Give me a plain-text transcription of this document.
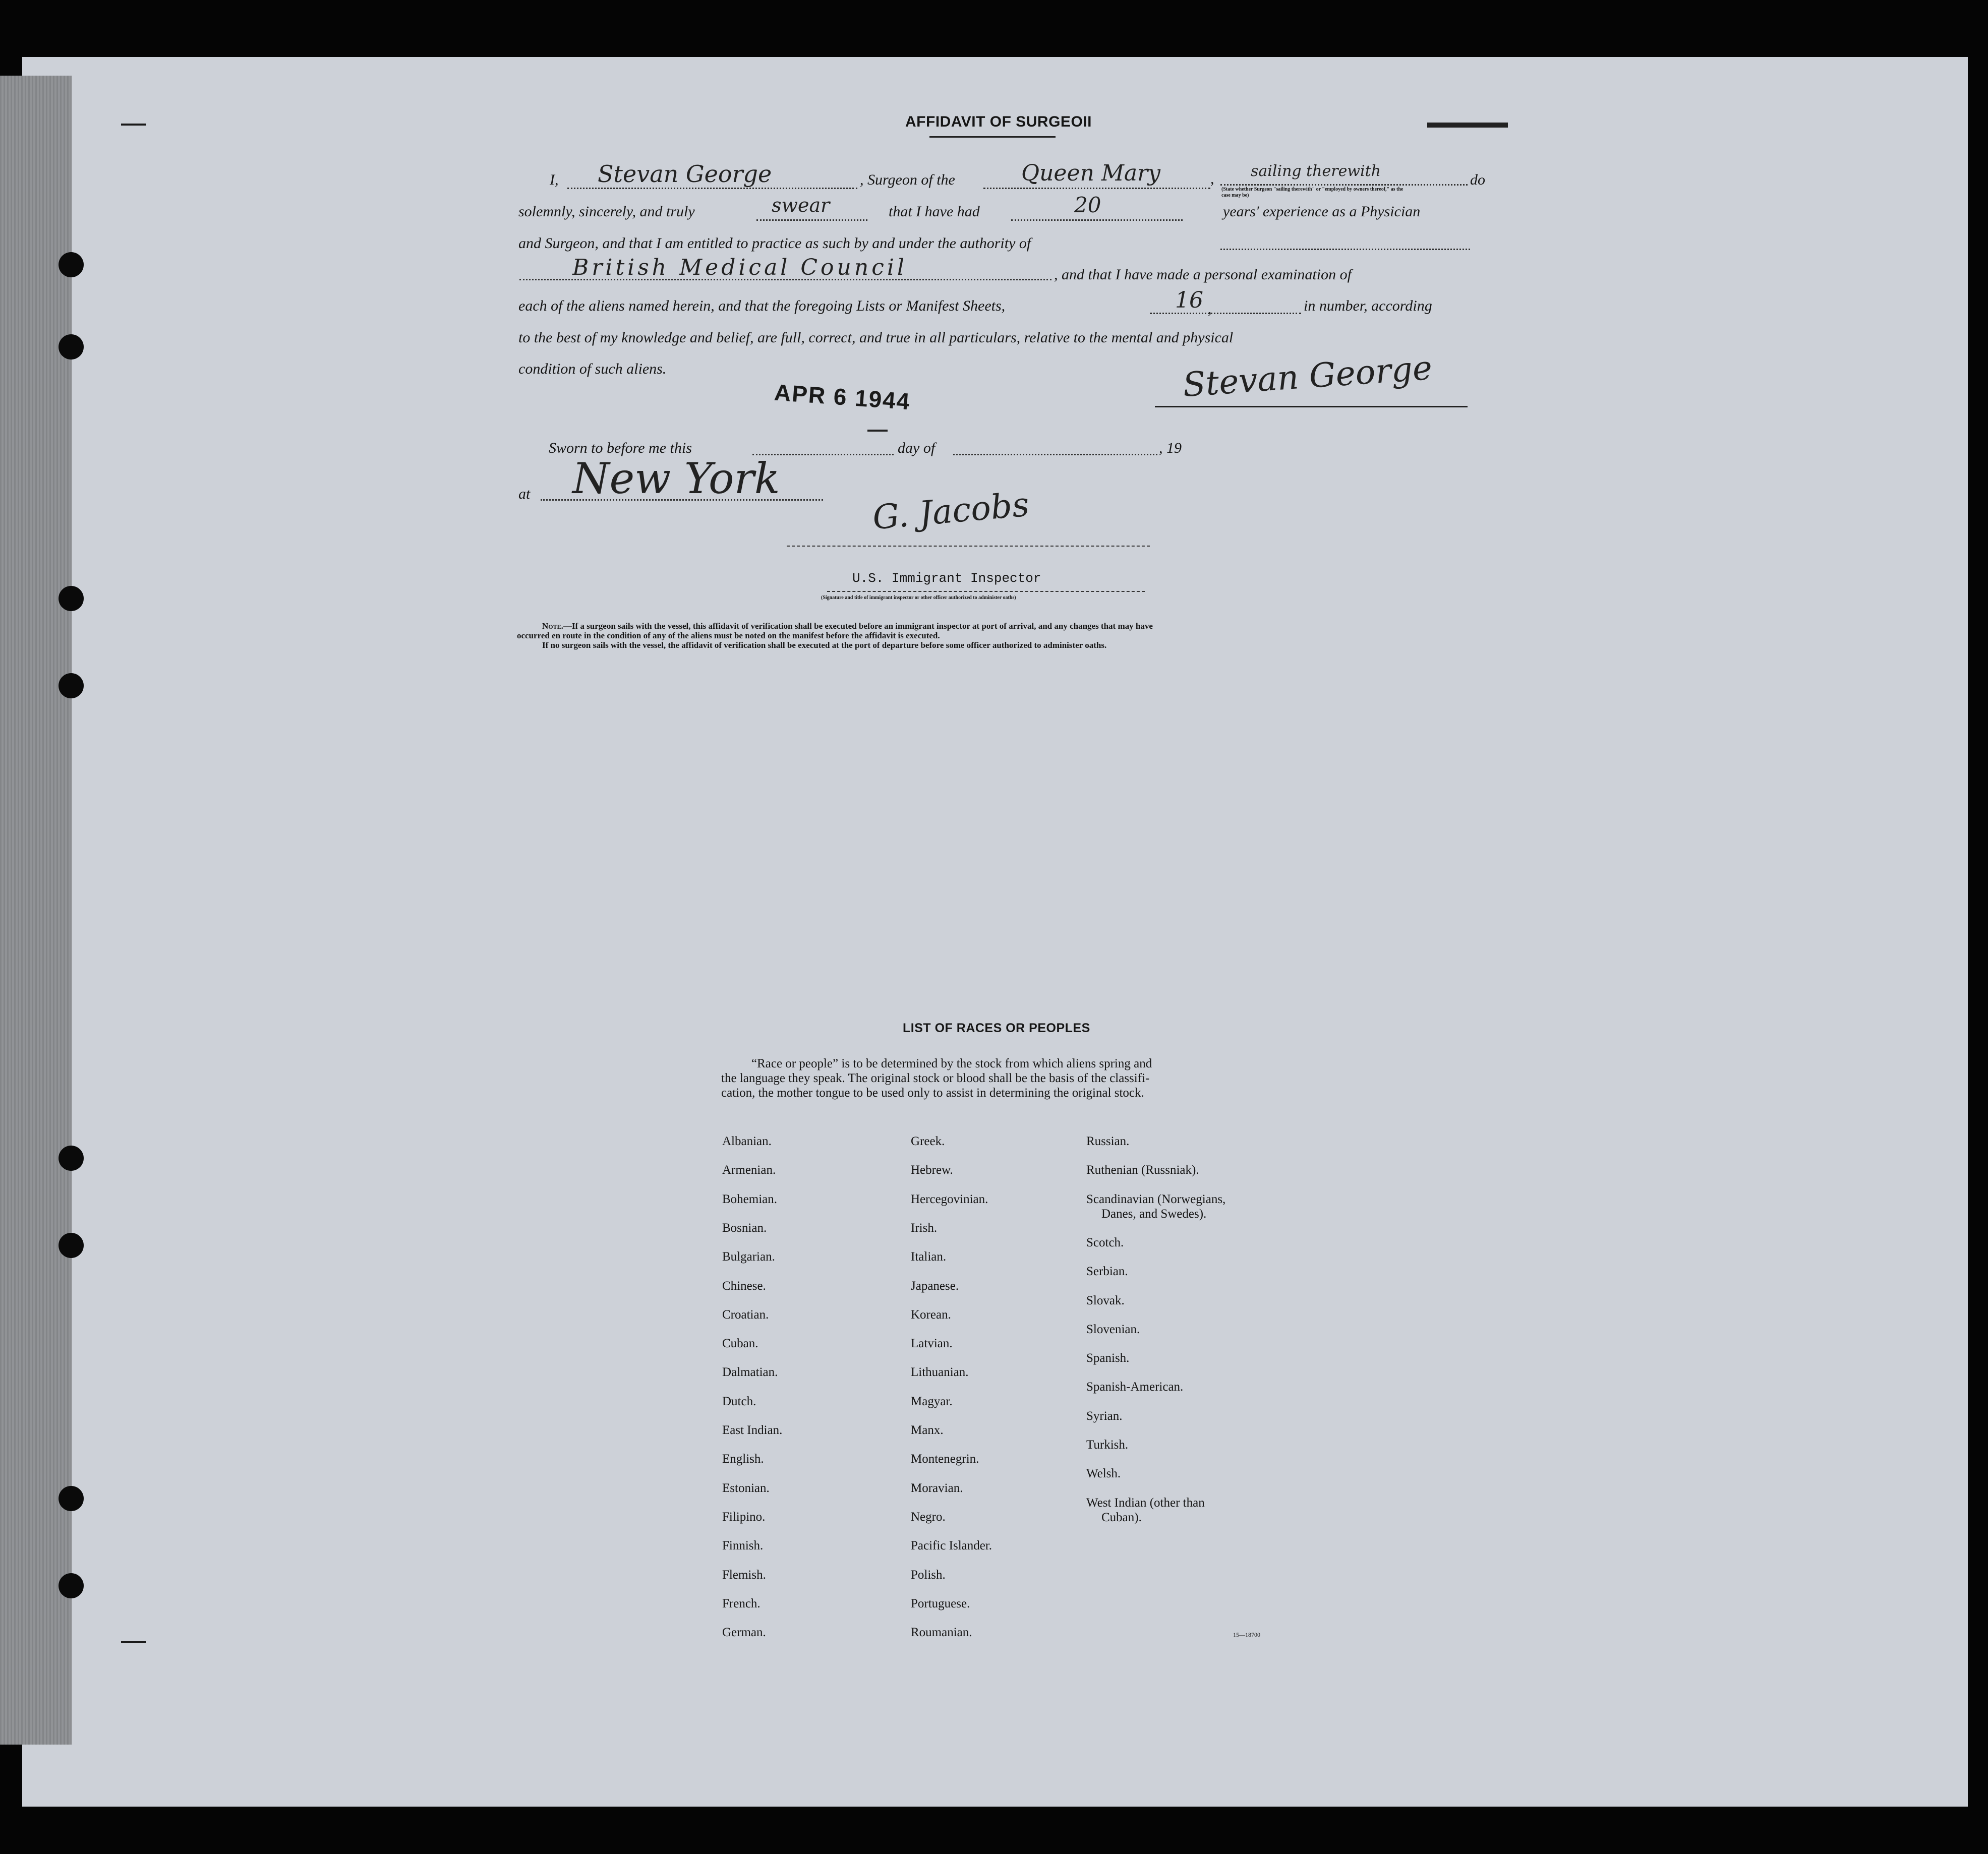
AFFIDAVIT OF SURGEOII
I, Stevan George	, Surgeon of the	Queen Mary	, sailing therewith	do
(State whether Surgeon "sailing therewith" or "employed by owners thereof," as the case may be)
solemnly, sincerely, and truly	swear	that I have had	20	years' experience as a Physician
and Surgeon, and that I am entitled to practice as such by and under the authority of
British Medical Council	, and that I have made a personal examination of
each of the aliens named herein, and that the foregoing Lists or Manifest Sheets,	16 ,	in number, according
to the best of my knowledge and belief, are full, correct, and true in all particulars, relative to the mental and physical
condition of such aliens.
APR 6 1944	Stevan George
Sworn to before me this	day of	, 19
at New York
G. Jacobs
U.S. Immigrant Inspector
(Signature and title of immigrant inspector or other officer authorized to administer oaths)
Note.—If a surgeon sails with the vessel, this affidavit of verification shall be executed before an immigrant inspector at port of arrival, and any changes that may have
occurred en route in the condition of any of the aliens must be noted on the manifest before the affidavit is executed.
If no surgeon sails with the vessel, the affidavit of verification shall be executed at the port of departure before some officer authorized to administer oaths.
LIST OF RACES OR PEOPLES
“Race or people” is to be determined by the stock from which aliens spring and
the language they speak. The original stock or blood shall be the basis of the classifi-
cation, the mother tongue to be used only to assist in determining the original stock.
Albanian.
Armenian.
Bohemian.
Bosnian.
Bulgarian.
Chinese.
Croatian.
Cuban.
Dalmatian.
Dutch.
East Indian.
English.
Estonian.
Filipino.
Finnish.
Flemish.
French.
German.
Greek.
Hebrew.
Hercegovinian.
Irish.
Italian.
Japanese.
Korean.
Latvian.
Lithuanian.
Magyar.
Manx.
Montenegrin.
Moravian.
Negro.
Pacific Islander.
Polish.
Portuguese.
Roumanian.
Russian.
Ruthenian (Russniak).
Scandinavian (Norwegians,
Danes, and Swedes).
Scotch.
Serbian.
Slovak.
Slovenian.
Spanish.
Spanish-American.
Syrian.
Turkish.
Welsh.
West Indian (other than
Cuban).
15—18700
